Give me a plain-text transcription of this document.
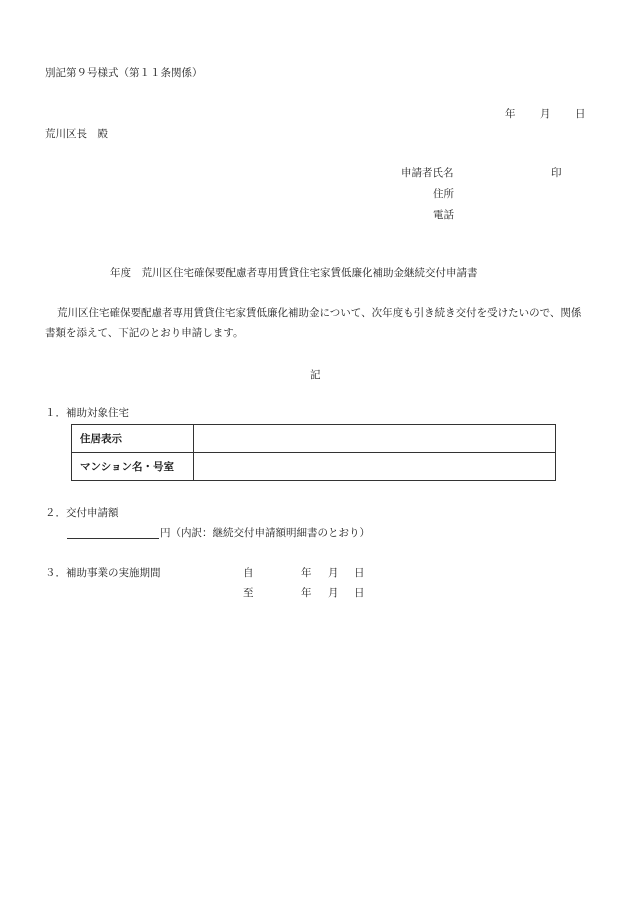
別記第９号様式（第１１条関係）
年 月 日
荒川区長　殿
申請者氏名	印
住所
電話
年度　荒川区住宅確保要配慮者専用賃貸住宅家賃低廉化補助金継続交付申請書
荒川区住宅確保要配慮者専用賃貸住宅家賃低廉化補助金について、次年度も引き続き交付を受けたいので、関係書類を添えて、下記のとおり申請します。
記
１．補助対象住宅
住居表示	
マンション名・号室	
２．交付申請額
円（内訳：継続交付申請額明細書のとおり）
３．補助事業の実施期間	自	年 月 日
至	年 月 日
